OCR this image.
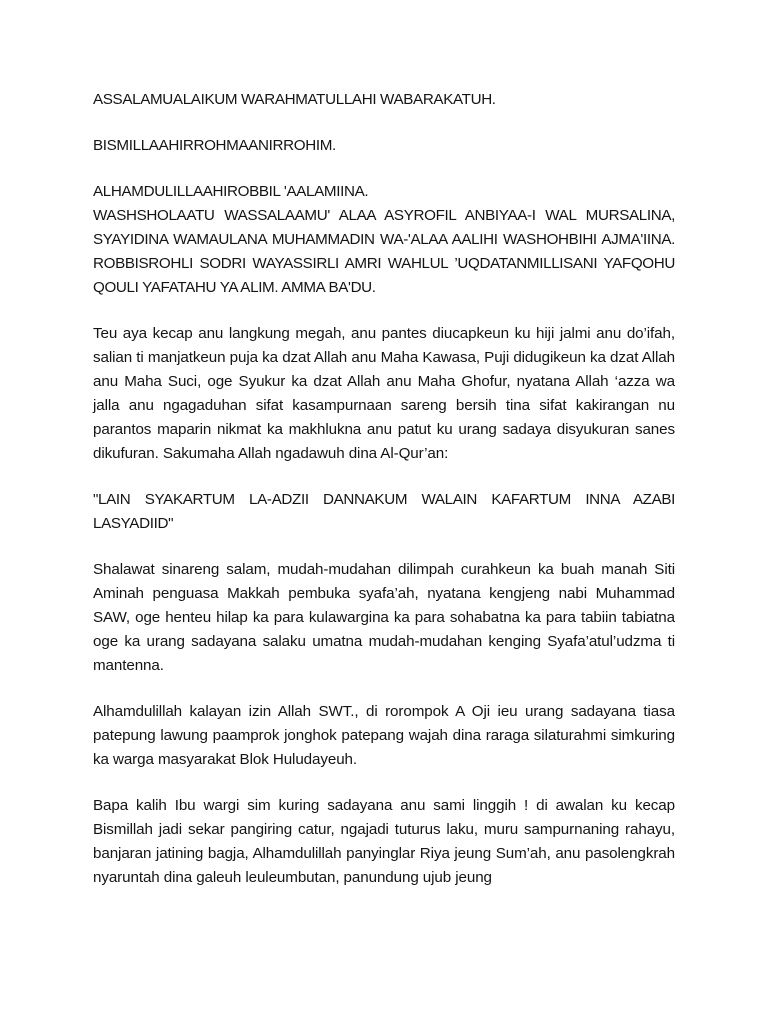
ASSALAMUALAIKUM WARAHMATULLAHI WABARAKATUH.

BISMILLAAHIRROHMAANIRROHIM.

ALHAMDULILLAAHIROBBIL 'AALAMIINA.

WASHSHOLAATU WASSALAAMU' ALAA ASYROFIL ANBIYAA-I WAL MURSALINA, SYAYIDINA WAMAULANA MUHAMMADIN WA-'ALAA AALIHI WASHOHBIHI AJMA'IINA. ROBBISROHLI SODRI WAYASSIRLI AMRI WAHLUL ’UQDATANMILLISANI YAFQOHU QOULI YAFATAHU YA ALIM. AMMA BA'DU.

Teu aya kecap anu langkung megah, anu pantes diucapkeun ku hiji jalmi anu do’ifah, salian ti manjatkeun puja ka dzat Allah anu Maha Kawasa, Puji didugikeun ka dzat Allah anu Maha Suci, oge Syukur ka dzat Allah anu Maha Ghofur, nyatana Allah ‘azza wa jalla anu ngagaduhan sifat kasampurnaan sareng bersih tina sifat kakirangan nu parantos maparin nikmat ka makhlukna anu patut ku urang sadaya disyukuran sanes dikufuran. Sakumaha Allah ngadawuh dina Al-Qur’an:

"LAIN SYAKARTUM LA-ADZII DANNAKUM WALAIN KAFARTUM INNA AZABI LASYADIID"

Shalawat sinareng salam, mudah-mudahan dilimpah curahkeun ka buah manah Siti Aminah penguasa Makkah pembuka syafa’ah, nyatana kengjeng nabi Muhammad SAW, oge henteu hilap ka para kulawargina ka para sohabatna ka para tabiin tabiatna oge ka urang sadayana salaku umatna mudah-mudahan kenging Syafa’atul’udzma ti mantenna.

Alhamdulillah kalayan izin Allah SWT., di rorompok A Oji ieu urang sadayana tiasa patepung lawung paamprok jonghok patepang wajah dina raraga silaturahmi simkuring ka warga masyarakat Blok Huludayeuh.

Bapa kalih Ibu wargi sim kuring sadayana anu sami linggih ! di awalan ku kecap Bismillah jadi sekar pangiring catur, ngajadi tuturus laku, muru sampurnaning rahayu, banjaran jatining bagja, Alhamdulillah panyinglar Riya jeung Sum’ah, anu pasolengkrah nyaruntah dina galeuh leuleumbutan, panundung ujub jeung
